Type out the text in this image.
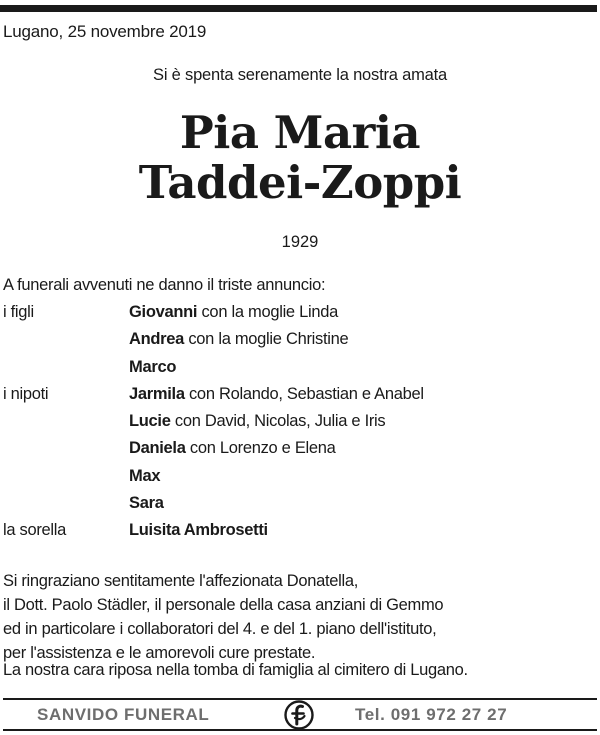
Lugano, 25 novembre 2019
Si è spenta serenamente la nostra amata
Pia Maria
Taddei-Zoppi
1929
A funerali avvenuti ne danno il triste annuncio:
i figli	Giovanni con la moglie Linda
Andrea con la moglie Christine
Marco
i nipoti	Jarmila con Rolando, Sebastian e Anabel
Lucie con David, Nicolas, Julia e Iris
Daniela con Lorenzo e Elena
Max
Sara
la sorella	Luisita Ambrosetti
Si ringraziano sentitamente l'affezionata Donatella,
il Dott. Paolo Städler, il personale della casa anziani di Gemmo
ed in particolare i collaboratori del 4. e del 1. piano dell'istituto,
per l'assistenza e le amorevoli cure prestate.
La nostra cara riposa nella tomba di famiglia al cimitero di Lugano.
SANVIDO FUNERAL	Tel. 091 972 27 27
